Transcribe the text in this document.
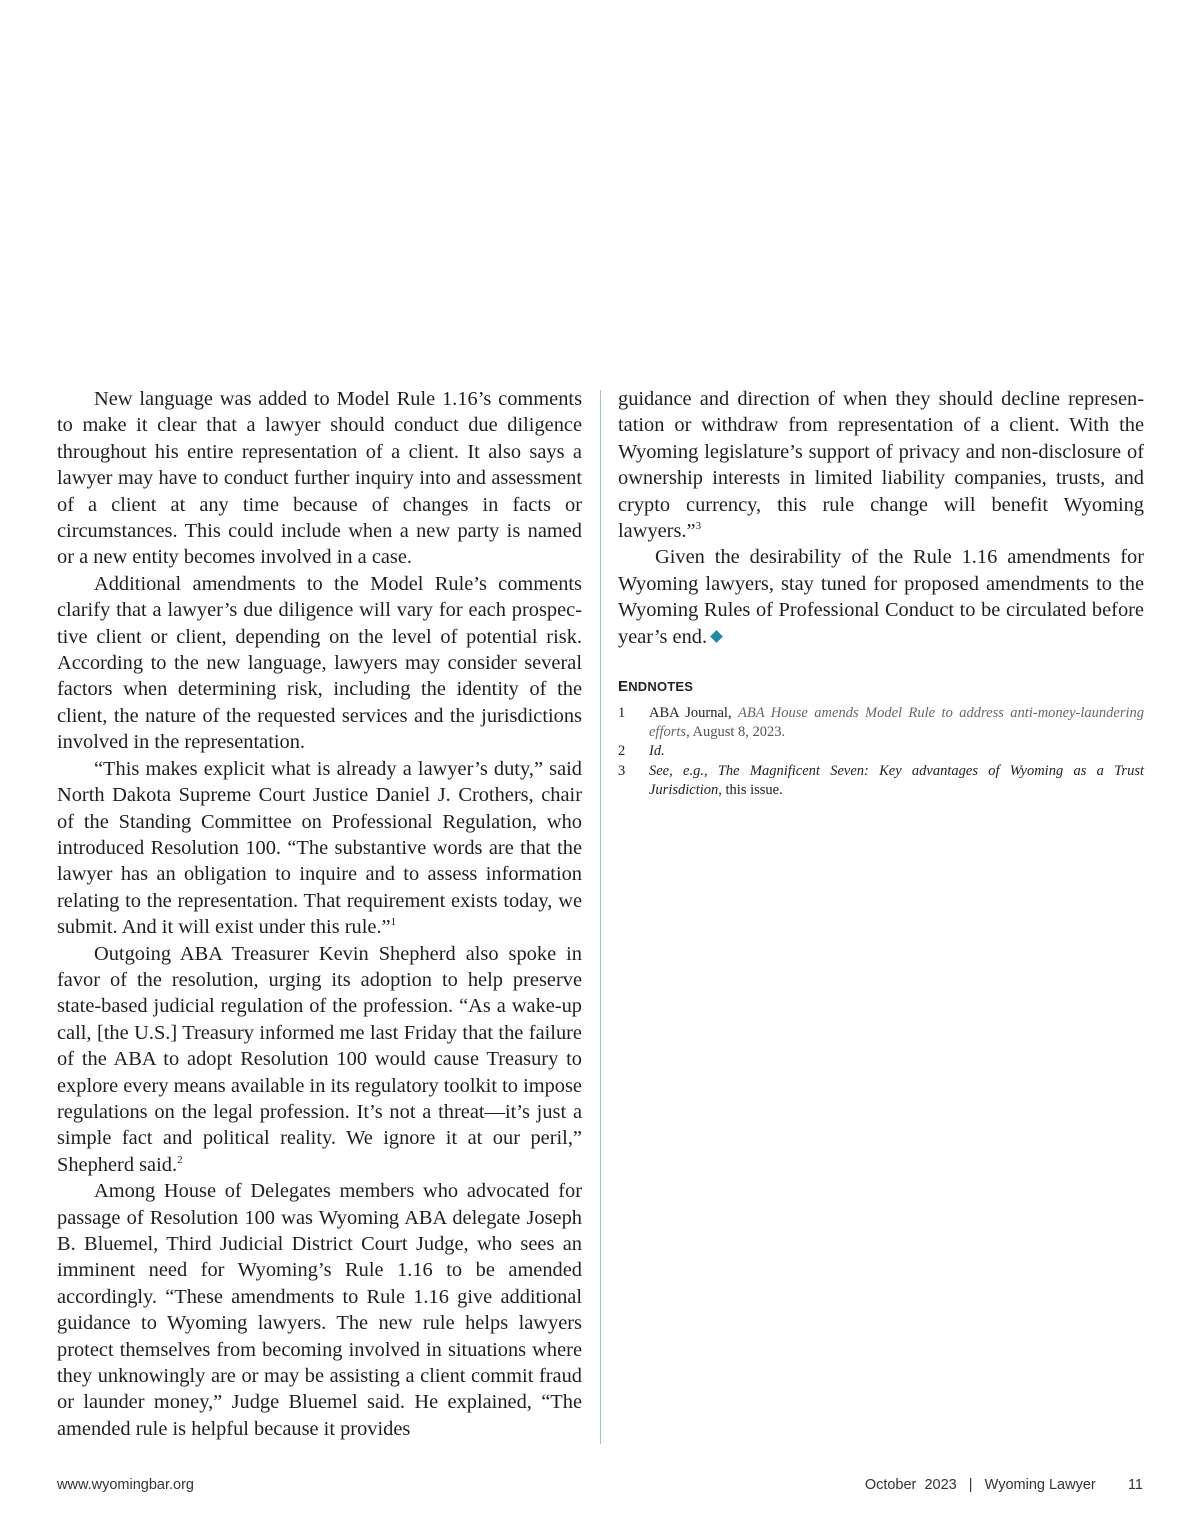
New language was added to Model Rule 1.16’s comments to make it clear that a lawyer should conduct due diligence throughout his entire representation of a client. It also says a lawyer may have to conduct further inquiry into and assessment of a client at any time because of changes in facts or circumstances. This could include when a new party is named or a new entity becomes involved in a case.

Additional amendments to the Model Rule’s comments clarify that a lawyer’s due diligence will vary for each prospective client or client, depending on the level of potential risk. According to the new language, lawyers may consider several factors when determining risk, including the identity of the client, the nature of the requested services and the jurisdictions involved in the representation.

“This makes explicit what is already a lawyer’s duty,” said North Dakota Supreme Court Justice Daniel J. Crothers, chair of the Standing Committee on Professional Regulation, who introduced Resolution 100. “The substantive words are that the lawyer has an obligation to inquire and to assess information relating to the representation. That requirement exists today, we submit. And it will exist under this rule.”$^1$

Outgoing ABA Treasurer Kevin Shepherd also spoke in favor of the resolution, urging its adoption to help preserve state-based judicial regulation of the profession. “As a wake-up call, [the U.S.] Treasury informed me last Friday that the failure of the ABA to adopt Resolution 100 would cause Treasury to explore every means available in its regulatory toolkit to impose regulations on the legal profession. It’s not a threat—it’s just a simple fact and political reality. We ignore it at our peril,” Shepherd said.$^2$

Among House of Delegates members who advocated for passage of Resolution 100 was Wyoming ABA delegate Joseph B. Bluemel, Third Judicial District Court Judge, who sees an imminent need for Wyoming’s Rule 1.16 to be amended accordingly. “These amendments to Rule 1.16 give additional guidance to Wyoming lawyers. The new rule helps lawyers protect themselves from becoming involved in situations where they unknowingly are or may be assisting a client commit fraud or launder money,” Judge Bluemel said. He explained, “The amended rule is helpful because it provides

guidance and direction of when they should decline representation or withdraw from representation of a client. With the Wyoming legislature’s support of privacy and non-disclosure of ownership interests in limited liability companies, trusts, and crypto currency, this rule change will benefit Wyoming lawyers.”$^3$

Given the desirability of the Rule 1.16 amendments for Wyoming lawyers, stay tuned for proposed amendments to the Wyoming Rules of Professional Conduct to be circulated before year’s end.

ENDNOTES
1 ABA Journal, ABA House amends Model Rule to address anti-money-laundering efforts, August 8, 2023.
2 Id.
3 See, e.g., The Magnificent Seven: Key advantages of Wyoming as a Trust Jurisdiction, this issue.
www.wyomingbar.org	October  2023   |   Wyoming Lawyer        11
